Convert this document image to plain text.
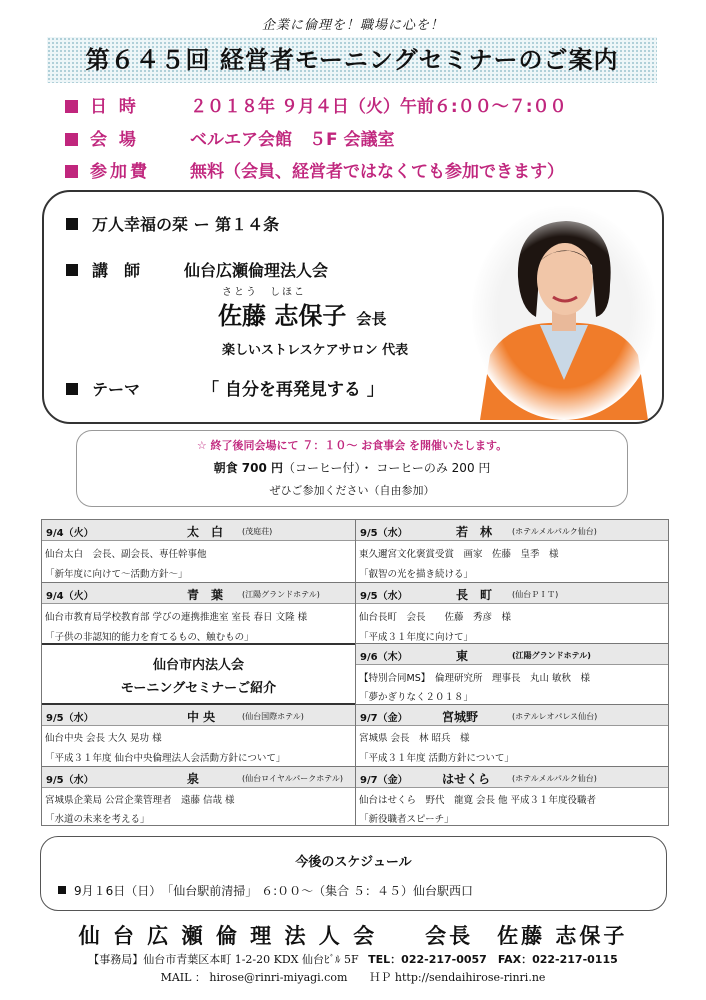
企業に倫理を！職場に心を！
第６４５回 経営者モーニングセミナーのご案内
日 時	２０１８年 ９月４日（火）午前６:００〜７:００
会 場	ベルエア会館　５F 会議室
参加費 無料（会員、経営者ではなくても参加できます）
万人幸福の栞 ー 第１４条
講　師	仙台広瀬倫理法人会
さとう　しほこ
佐藤 志保子 会長
楽しいストレスケアサロン 代表
テーマ	「 自分を再発見する 」
☆ 終了後同会場にて ７：１０〜 お食事会 を開催いたします。
朝食 700 円（コーヒー付）・ コーヒーのみ 200 円
ぜひご参加ください（自由参加）
9/4（火）	太　白 (茂庭荘)
仙台太白　会長、副会長、専任幹事他
「新年度に向けて〜活動方針〜」
9/4（火）	青　葉 (江陽グランドホテル)
仙台市教育局学校教育部 学びの連携推進室 室長 春日 文隆 様
「子供の非認知的能力を育てるもの、触むもの」
仙台市内法人会
モーニングセミナーご紹介
9/5（水）	中 央	(仙台国際ホテル)
仙台中央 会長 大久 晃功 様
「平成３１年度 仙台中央倫理法人会活動方針について」
9/5（水）	泉	(仙台ロイヤルパークホテル)
宮城県企業局 公営企業管理者　遠藤 信哉 様
「水道の未来を考える」
9/5（水）	若　林 (ホテルメルパルク仙台)
東久邇宮文化褒賞受賞　画家　佐藤　皇季　様
「叡智の光を描き続ける」
9/5（水）	長　町 (仙台ＰＩＴ)
仙台長町　会長　　佐藤　秀彦　様
「平成３１年度に向けて」
9/6（木）	東	(江陽グランドホテル)
【特別合同MS】　倫理研究所　理事長　丸山 敏秋　様
「夢かぎりなく２０１８」
9/7（金）	宮城野	(ホテルレオパレス仙台)
宮城県 会長　林 昭兵　様
「平成３１年度 活動方針について」
9/7（金）	はせくら	(ホテルメルパルク仙台)
仙台はせくら　野代　龍寛 会長 他 平成３１年度役職者
「新役職者スピーチ」
今後のスケジュール
9月１6日（日）　「仙台駅前清掃」 ６:００〜（集合 ５：４５）仙台駅西口
仙 台 広 瀬 倫 理 法 人 会　　会長　佐藤 志保子
【事務局】仙台市青葉区本町 1-2-20 KDX 仙台ﾋﾞﾙ 5F TEL：022-217-0057　FAX：022-217-0115
MAIL ： hirose@rinri-miyagi.com　　ＨＰ http://sendaihirose-rinri.ne
